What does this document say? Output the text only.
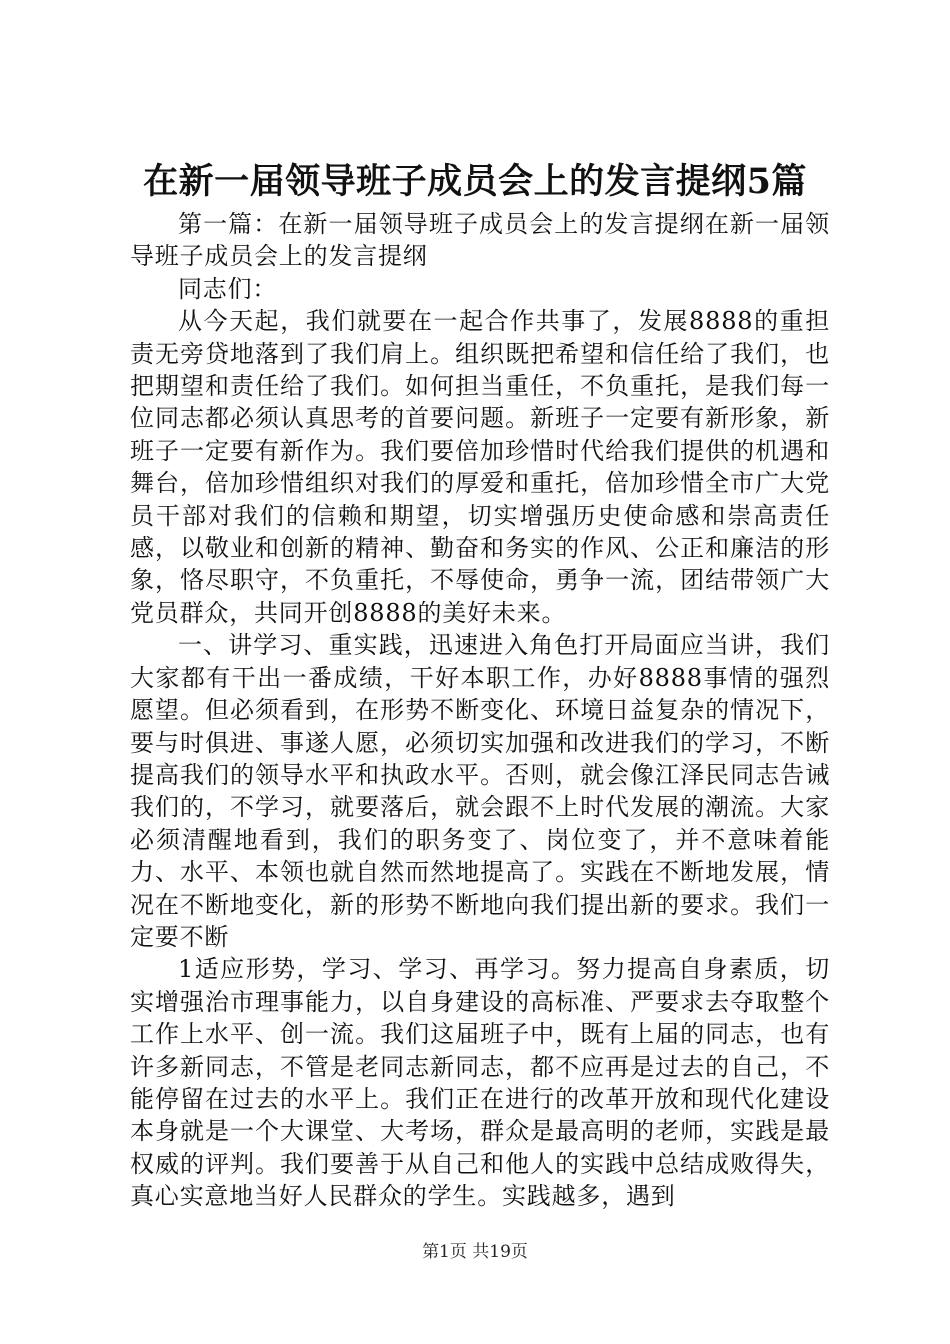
在新一届领导班子成员会上的发言提纲5篇

第一篇：在新一届领导班子成员会上的发言提纲在新一届领导班子成员会上的发言提纲

同志们：

从今天起，我们就要在一起合作共事了，发展8888的重担责无旁贷地落到了我们肩上。组织既把希望和信任给了我们，也把期望和责任给了我们。如何担当重任，不负重托，是我们每一位同志都必须认真思考的首要问题。新班子一定要有新形象，新班子一定要有新作为。我们要倍加珍惜时代给我们提供的机遇和舞台，倍加珍惜组织对我们的厚爱和重托，倍加珍惜全市广大党员干部对我们的信赖和期望，切实增强历史使命感和崇高责任感，以敬业和创新的精神、勤奋和务实的作风、公正和廉洁的形象，恪尽职守，不负重托，不辱使命，勇争一流，团结带领广大党员群众，共同开创8888的美好未来。

一、讲学习、重实践，迅速进入角色打开局面应当讲，我们大家都有干出一番成绩，干好本职工作，办好8888事情的强烈愿望。但必须看到，在形势不断变化、环境日益复杂的情况下，要与时俱进、事遂人愿，必须切实加强和改进我们的学习，不断提高我们的领导水平和执政水平。否则，就会像江泽民同志告诫我们的，不学习，就要落后，就会跟不上时代发展的潮流。大家必须清醒地看到，我们的职务变了、岗位变了，并不意味着能力、水平、本领也就自然而然地提高了。实践在不断地发展，情况在不断地变化，新的形势不断地向我们提出新的要求。我们一定要不断

1适应形势，学习、学习、再学习。努力提高自身素质，切实增强治市理事能力，以自身建设的高标准、严要求去夺取整个工作上水平、创一流。我们这届班子中，既有上届的同志，也有许多新同志，不管是老同志新同志，都不应再是过去的自己，不能停留在过去的水平上。我们正在进行的改革开放和现代化建设本身就是一个大课堂、大考场，群众是最高明的老师，实践是最权威的评判。我们要善于从自己和他人的实践中总结成败得失，真心实意地当好人民群众的学生。实践越多，遇到

第1页 共19页
